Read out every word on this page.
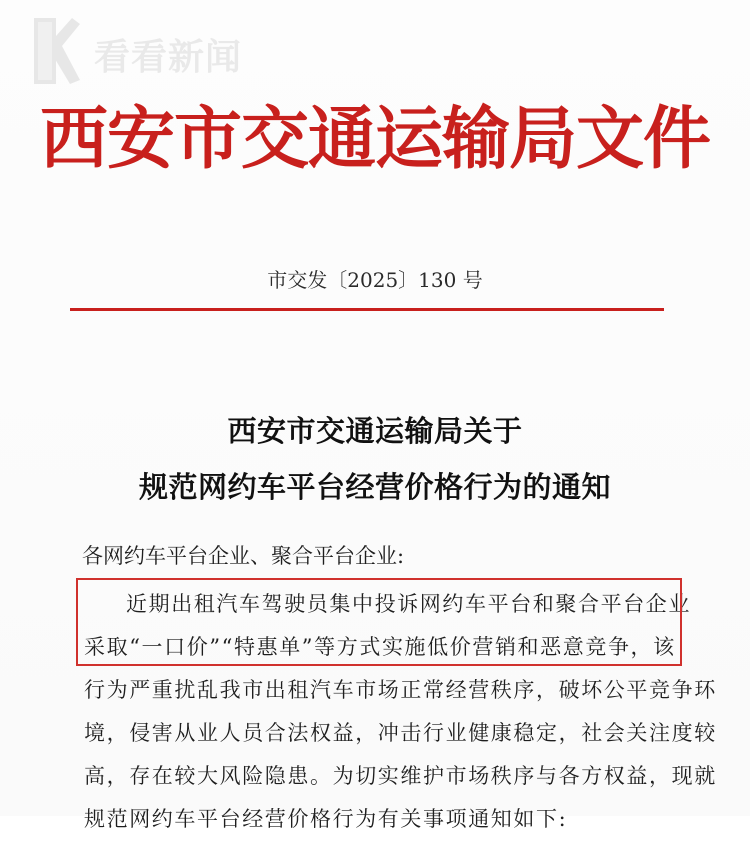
看看新闻
西安市交通运输局文件
市交发〔2025〕130 号
西安市交通运输局关于
规范网约车平台经营价格行为的通知
各网约车平台企业、聚合平台企业:
近期出租汽车驾驶员集中投诉网约车平台和聚合平台企业
采取“一口价”“特惠单”等方式实施低价营销和恶意竞争，该
行为严重扰乱我市出租汽车市场正常经营秩序，破坏公平竞争环
境，侵害从业人员合法权益，冲击行业健康稳定，社会关注度较
高，存在较大风险隐患。为切实维护市场秩序与各方权益，现就
规范网约车平台经营价格行为有关事项通知如下:
